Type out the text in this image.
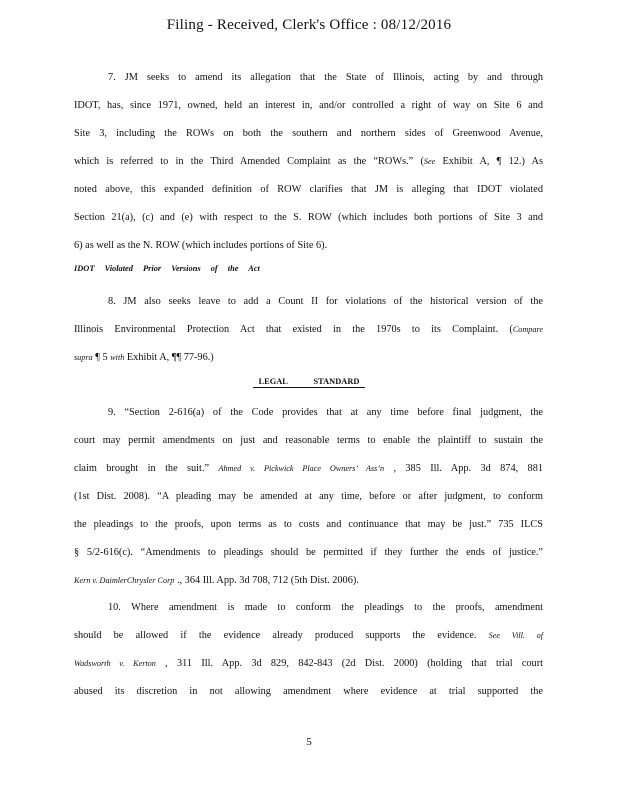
Filing - Received, Clerk's Office : 08/12/2016
7. JM seeks to amend its allegation that the State of Illinois, acting by and through
IDOT, has, since 1971, owned, held an interest in, and/or controlled a right of way on Site 6 and
Site 3, including the ROWs on both the southern and northern sides of Greenwood Avenue,
which is referred to in the Third Amended Complaint as the “ROWs.” (See Exhibit A, ¶ 12.) As
noted above, this expanded definition of ROW clarifies that JM is alleging that IDOT violated
Section 21(a), (c) and (e) with respect to the S. ROW (which includes both portions of Site 3 and
6) as well as the N. ROW (which includes portions of Site 6).
IDOT Violated Prior Versions of the Act
8. JM also seeks leave to add a Count II for violations of the historical version of the
Illinois Environmental Protection Act that existed in the 1970s to its Complaint. (Compare
supra ¶ 5 with Exhibit A, ¶¶ 77-96.)
LEGAL STANDARD
9. “Section 2-616(a) of the Code provides that at any time before final judgment, the
court may permit amendments on just and reasonable terms to enable the plaintiff to sustain the
claim brought in the suit.” Ahmed v. Pickwick Place Owners’ Ass’n , 385 Ill. App. 3d 874, 881
(1st Dist. 2008). “A pleading may be amended at any time, before or after judgment, to conform
the pleadings to the proofs, upon terms as to costs and continuance that may be just.” 735 ILCS
§ 5/2-616(c). “Amendments to pleadings should be permitted if they further the ends of justice.”
Kern v. DaimlerChrysler Corp ., 364 Ill. App. 3d 708, 712 (5th Dist. 2006).
10. Where amendment is made to conform the pleadings to the proofs, amendment
should be allowed if the evidence already produced supports the evidence. See Vill. of
Wadsworth v. Kerton , 311 Ill. App. 3d 829, 842-843 (2d Dist. 2000) (holding that trial court
abused its discretion in not allowing amendment where evidence at trial supported the
5
